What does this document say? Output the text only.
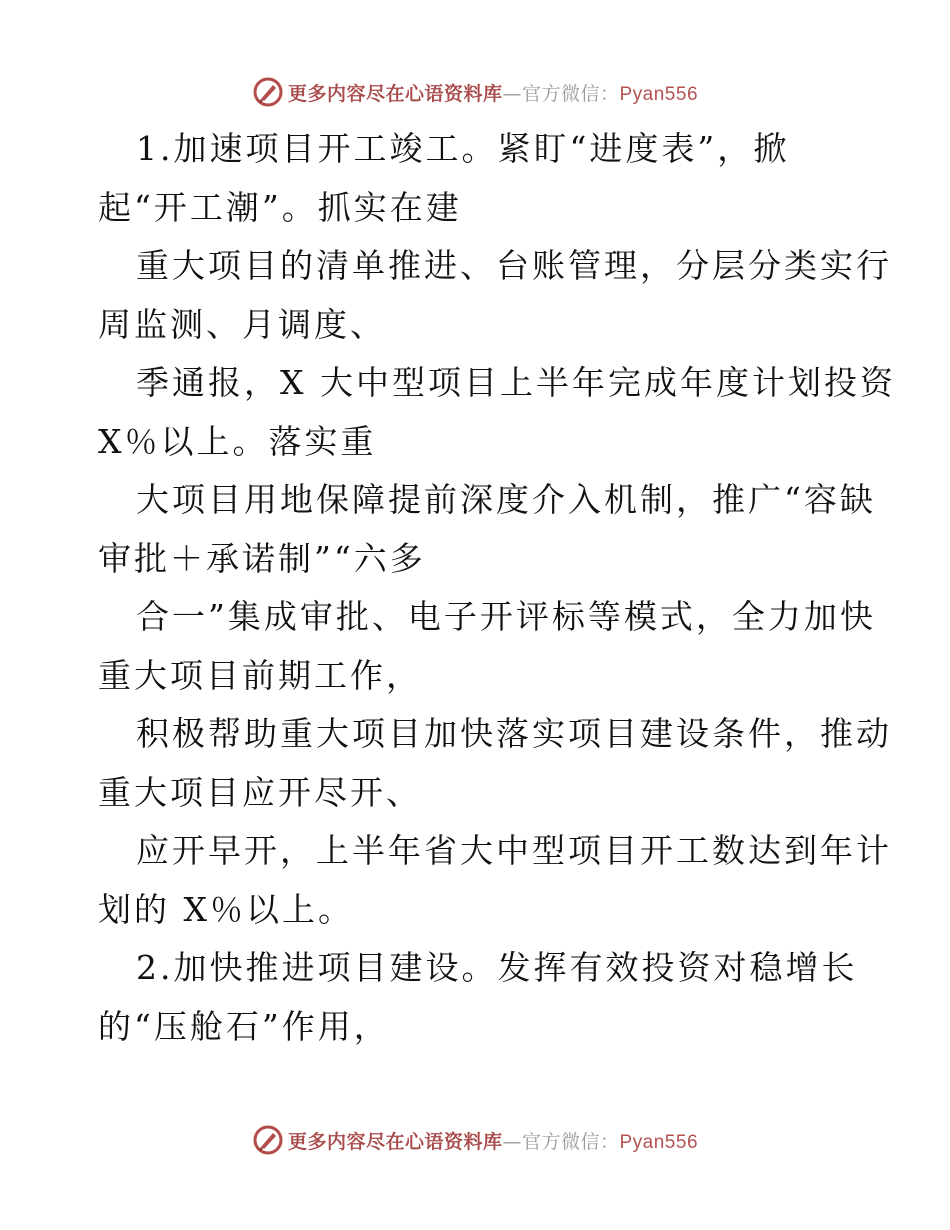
更多内容尽在心语资料库—官方微信：Pyan556
1.加速项目开工竣工。紧盯“进度表”，掀
起“开工潮”。抓实在建
重大项目的清单推进、台账管理，分层分类实行
周监测、月调度、
季通报，X 大中型项目上半年完成年度计划投资
X％以上。落实重
大项目用地保障提前深度介入机制，推广“容缺
审批＋承诺制”“六多
合一”集成审批、电子开评标等模式，全力加快
重大项目前期工作，
积极帮助重大项目加快落实项目建设条件，推动
重大项目应开尽开、
应开早开，上半年省大中型项目开工数达到年计
划的 X％以上。
2.加快推进项目建设。发挥有效投资对稳增长
的“压舱石”作用，
更多内容尽在心语资料库—官方微信：Pyan556
